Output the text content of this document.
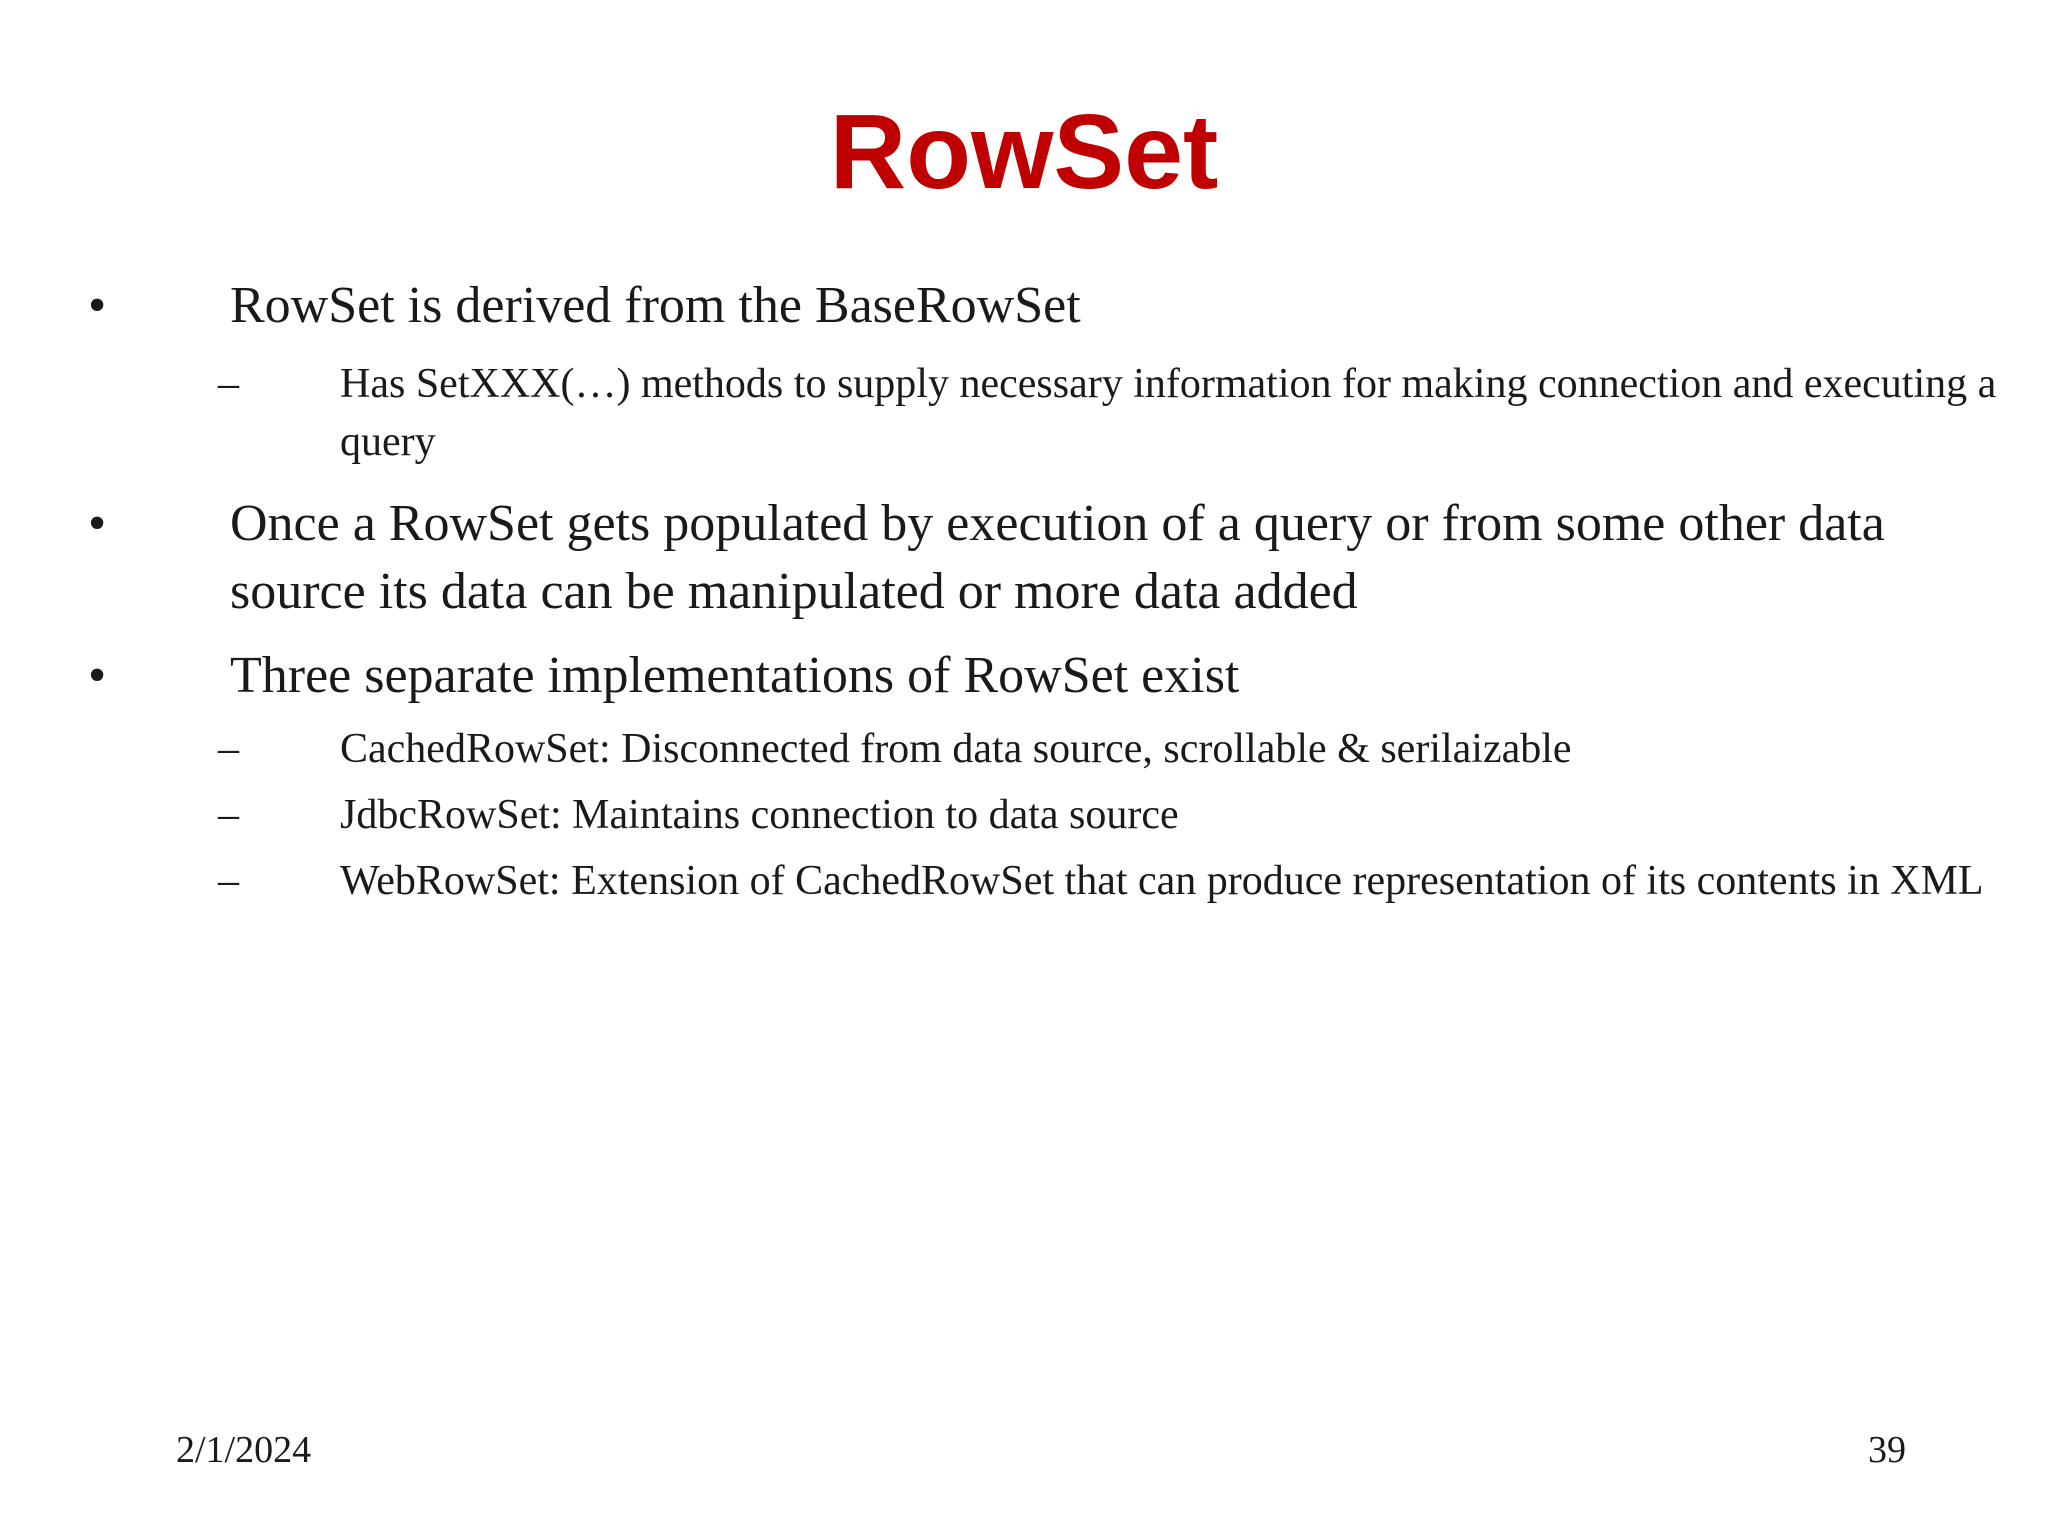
RowSet
• RowSet is derived from the BaseRowSet
– Has SetXXX(…) methods to supply necessary information for making connection and executing a query
• Once a RowSet gets populated by execution of a query or from some other data source its data can be manipulated or more data added
• Three separate implementations of RowSet exist
– CachedRowSet: Disconnected from data source, scrollable & serilaizable
– JdbcRowSet: Maintains connection to data source
– WebRowSet: Extension of CachedRowSet that can produce representation of its contents in XML
2/1/2024	39
